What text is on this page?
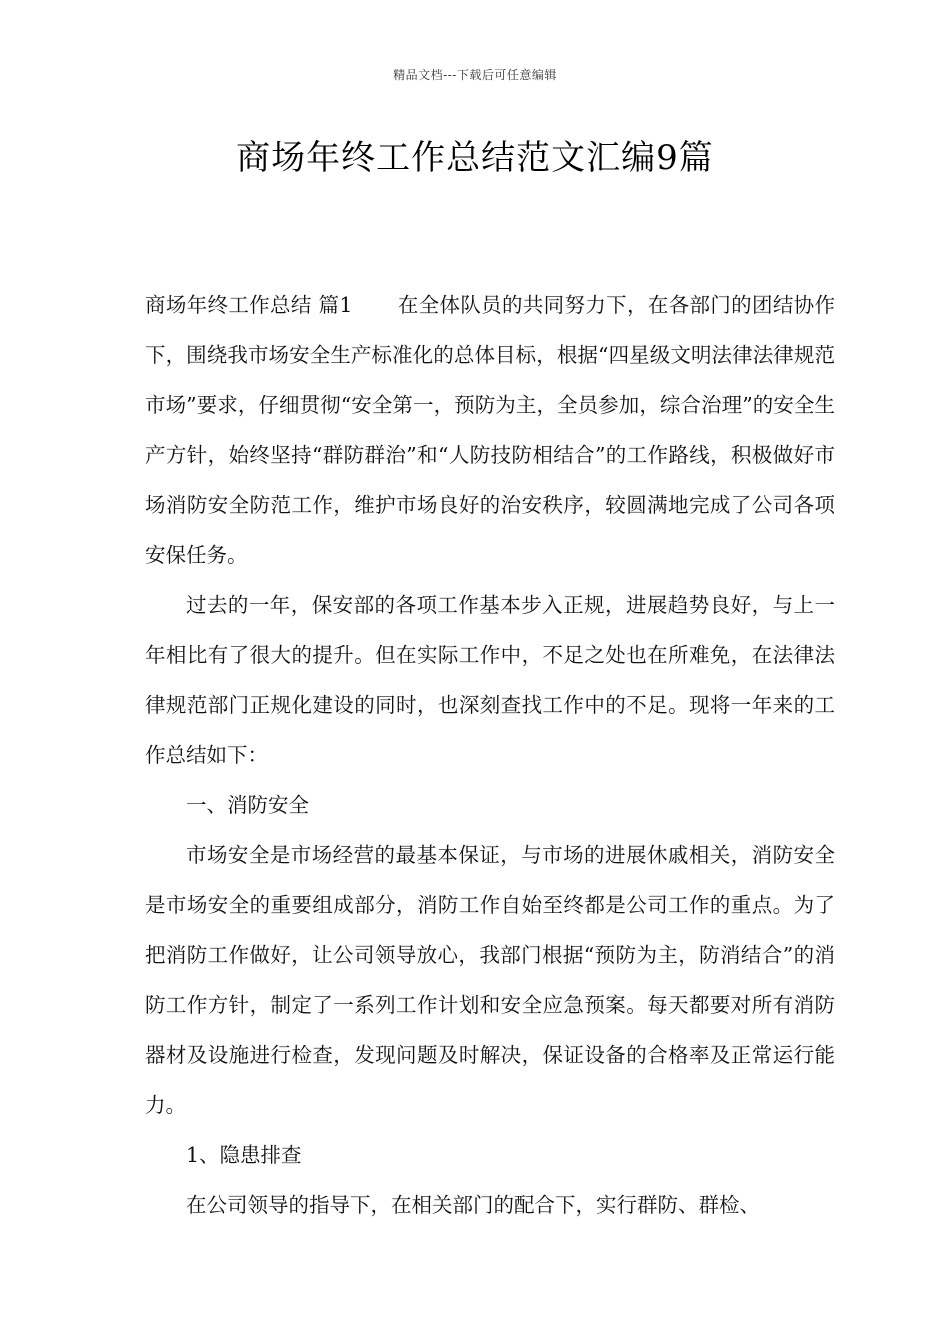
精品文档---下载后可任意编辑
商场年终工作总结范文汇编9篇

商场年终工作总结 篇1 在全体队员的共同努力下，在各部门的团结协作下，围绕我市场安全生产标准化的总体目标，根据“四星级文明法律法律规范市场”要求，仔细贯彻“安全第一，预防为主，全员参加，综合治理”的安全生产方针，始终坚持“群防群治”和“人防技防相结合”的工作路线，积极做好市场消防安全防范工作，维护市场良好的治安秩序，较圆满地完成了公司各项安保任务。

过去的一年，保安部的各项工作基本步入正规，进展趋势良好，与上一年相比有了很大的提升。但在实际工作中，不足之处也在所难免，在法律法律规范部门正规化建设的同时，也深刻查找工作中的不足。现将一年来的工作总结如下：

一、消防安全

市场安全是市场经营的最基本保证，与市场的进展休戚相关，消防安全是市场安全的重要组成部分，消防工作自始至终都是公司工作的重点。为了把消防工作做好，让公司领导放心，我部门根据“预防为主，防消结合”的消防工作方针，制定了一系列工作计划和安全应急预案。每天都要对所有消防器材及设施进行检查，发现问题及时解决，保证设备的合格率及正常运行能力。

1、隐患排查

在公司领导的指导下，在相关部门的配合下，实行群防、群检、
